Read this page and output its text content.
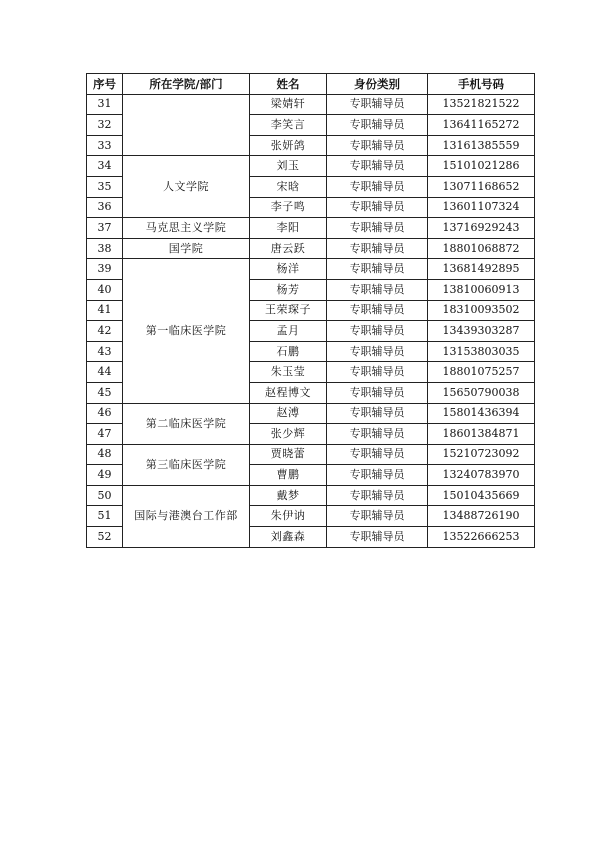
序号	所在学院/部门	姓名	身份类别	手机号码
31		梁婧轩	专职辅导员	13521821522
32		李笑言	专职辅导员	13641165272
33		张妍鸽	专职辅导员	13161385559
34	人文学院	刘玉	专职辅导员	15101021286
35		宋晗	专职辅导员	13071168652
36		李子鸣	专职辅导员	13601107324
37	马克思主义学院	李阳	专职辅导员	13716929243
38	国学院	唐云跃	专职辅导员	18801068872
39	第一临床医学院	杨洋	专职辅导员	13681492895
40		杨芳	专职辅导员	13810060913
41		王荣琛子	专职辅导员	18310093502
42		孟月	专职辅导员	13439303287
43		石鹏	专职辅导员	13153803035
44		朱玉莹	专职辅导员	18801075257
45		赵程博文	专职辅导员	15650790038
46	第二临床医学院	赵溥	专职辅导员	15801436394
47		张少辉	专职辅导员	18601384871
48	第三临床医学院	贾晓蕾	专职辅导员	15210723092
49		曹鹏	专职辅导员	13240783970
50	国际与港澳台工作部	戴梦	专职辅导员	15010435669
51		朱伊讷	专职辅导员	13488726190
52		刘鑫森	专职辅导员	13522666253
